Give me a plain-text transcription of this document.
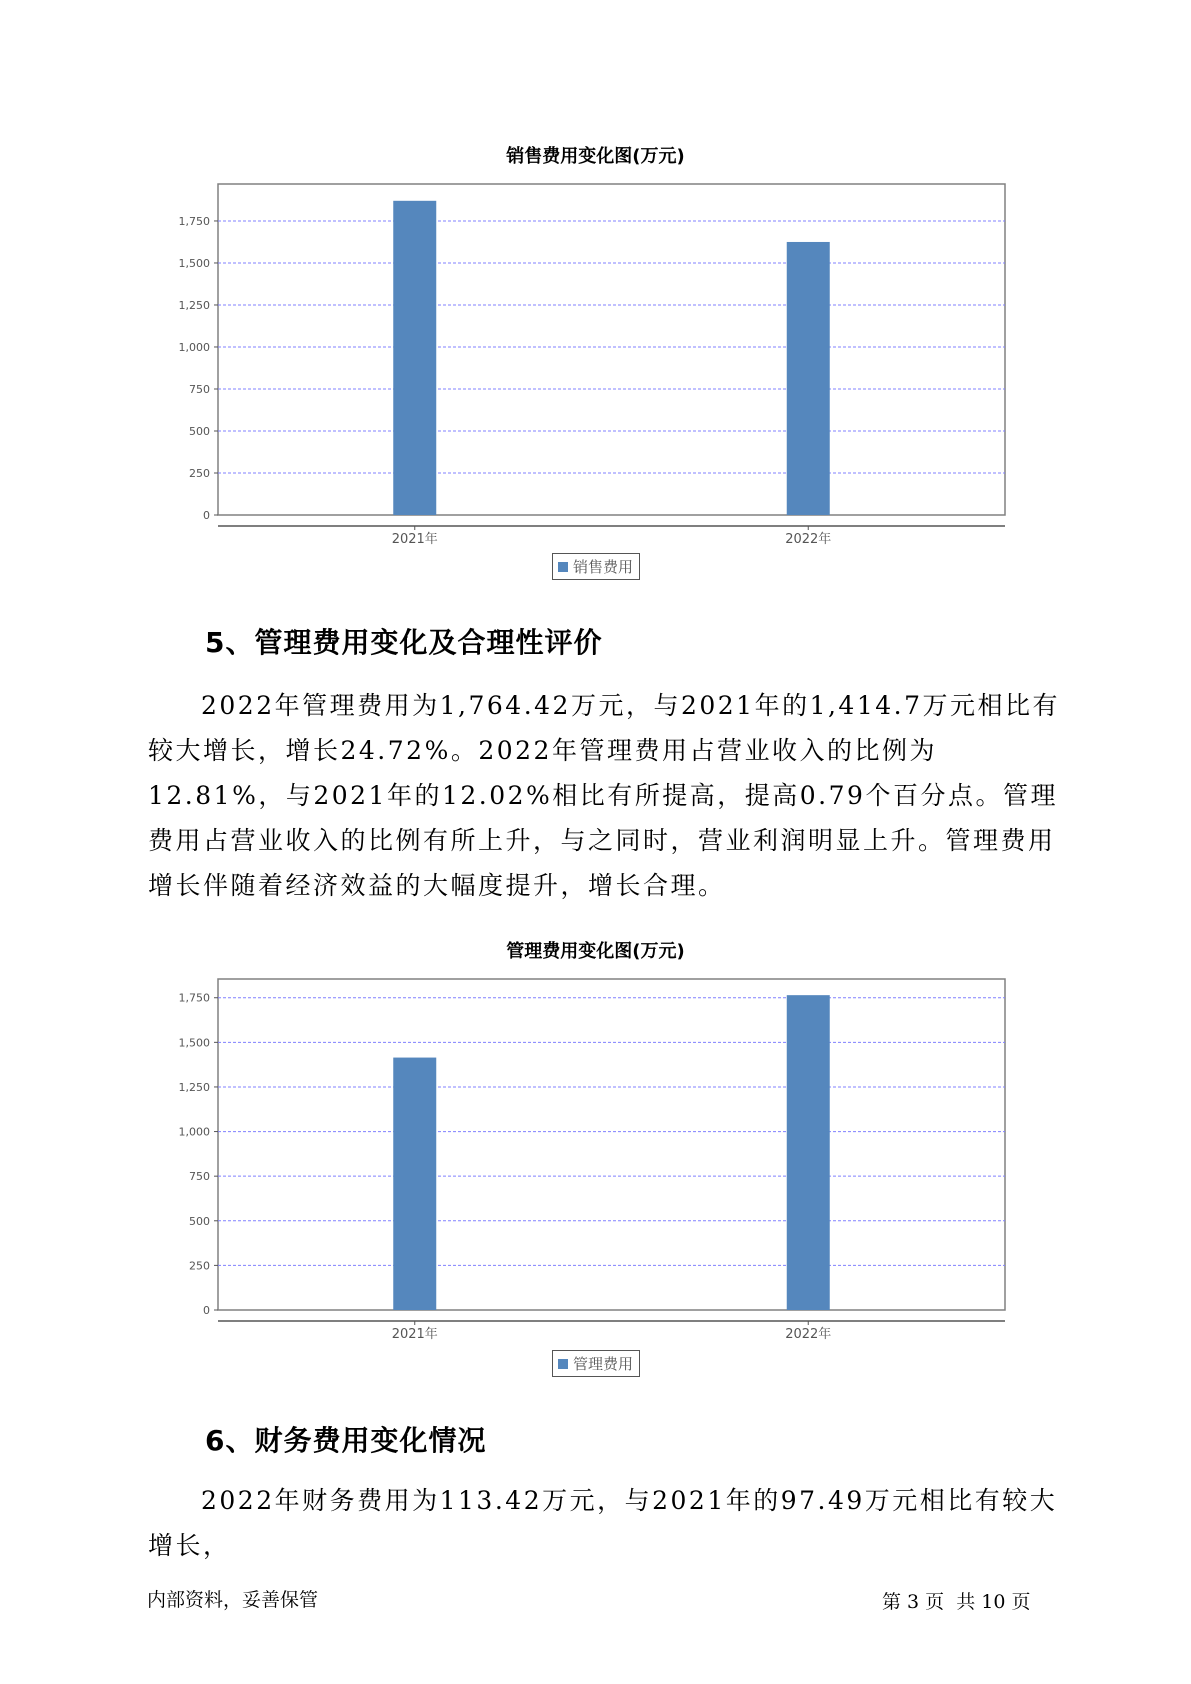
销售费用变化图(万元)
0
250
500
750
1,000
1,250
1,500
1,750
2021年	2022年
销售费用
5、管理费用变化及合理性评价

2022年管理费用为1,764.42万元，与2021年的1,414.7万元相比有较大增长，增长24.72%。2022年管理费用占营业收入的比例为12.81%，与2021年的12.02%相比有所提高，提高0.79个百分点。管理费用占营业收入的比例有所上升，与之同时，营业利润明显上升。管理费用增长伴随着经济效益的大幅度提升，增长合理。

管理费用变化图(万元)
0
250
500
750
1,000
1,250
1,500
1,750
2021年	2022年
管理费用
6、财务费用变化情况

2022年财务费用为113.42万元，与2021年的97.49万元相比有较大增长，

内部资料，妥善保管	第 3 页  共 10 页
